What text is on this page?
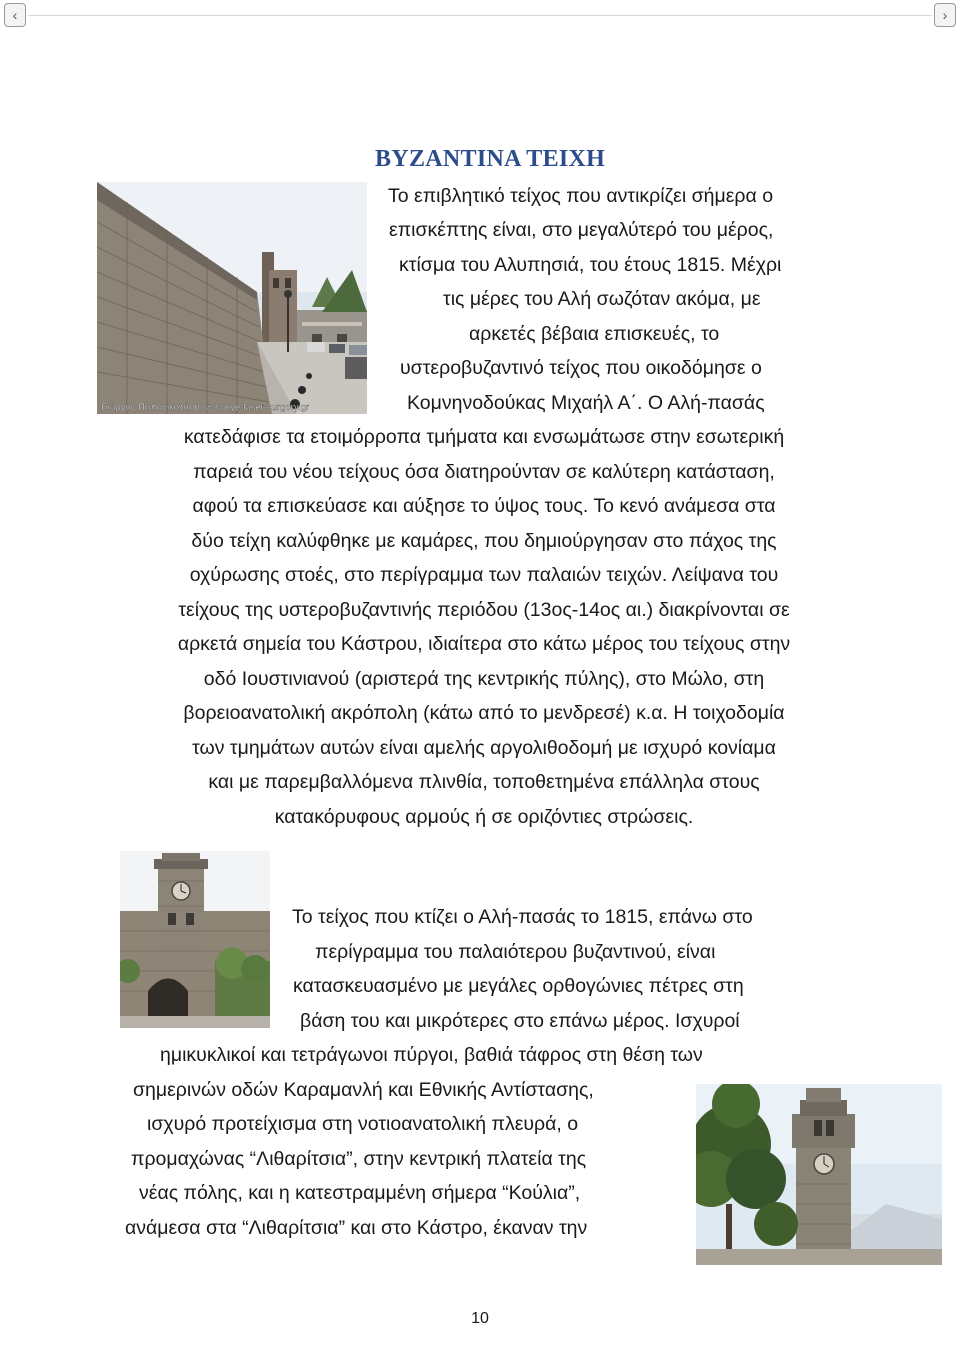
‹	›
ΒΥΖΑΝΤΙΝΑ ΤΕΙΧΗ
Γιώργος Παπανικολάου www.eye-laser-surgery.gr
Το επιβλητικό τείχος που αντικρίζει σήμερα ο
επισκέπτης είναι, στο μεγαλύτερό του μέρος,
κτίσμα του Αλυπησιά, του έτους 1815. Μέχρι
τις μέρες του Αλή σωζόταν ακόμα, με
αρκετές βέβαια επισκευές, το
υστεροβυζαντινό τείχος που οικοδόμησε ο
Κομνηνοδούκας Μιχαήλ Α΄. Ο Αλή-πασάς
κατεδάφισε τα ετοιμόρροπα τμήματα και ενσωμάτωσε στην εσωτερική
παρειά του νέου τείχους όσα διατηρούνταν σε καλύτερη κατάσταση,
αφού τα επισκεύασε και αύξησε το ύψος τους. Το κενό ανάμεσα στα
δύο τείχη καλύφθηκε με καμάρες, που δημιούργησαν στο πάχος της
οχύρωσης στοές, στο περίγραμμα των παλαιών τειχών. Λείψανα του
τείχους της υστεροβυζαντινής περιόδου (13ος-14ος αι.) διακρίνονται σε
αρκετά σημεία του Κάστρου, ιδιαίτερα στο κάτω μέρος του τείχους στην
οδό Ιουστινιανού (αριστερά της κεντρικής πύλης), στο Μώλο, στη
βορειοανατολική ακρόπολη (κάτω από το μενδρεσέ) κ.α. Η τοιχοδομία
των τμημάτων αυτών είναι αμελής αργολιθοδομή με ισχυρό κονίαμα
και με παρεμβαλλόμενα πλινθία, τοποθετημένα επάλληλα στους
κατακόρυφους αρμούς ή σε οριζόντιες στρώσεις.
Το τείχος που κτίζει ο Αλή-πασάς το 1815, επάνω στο
περίγραμμα του παλαιότερου βυζαντινού, είναι
κατασκευασμένο με μεγάλες ορθογώνιες πέτρες στη
βάση του και μικρότερες στο επάνω μέρος. Ισχυροί
ημικυκλικοί και τετράγωνοι πύργοι, βαθιά τάφρος στη θέση των
σημερινών οδών Καραμανλή και Εθνικής Αντίστασης,
ισχυρό προτείχισμα στη νοτιοανατολική πλευρά, ο
προμαχώνας “Λιθαρίτσια”, στην κεντρική πλατεία της
νέας πόλης, και η κατεστραμμένη σήμερα “Κούλια”,
ανάμεσα στα “Λιθαρίτσια” και στο Κάστρο, έκαναν την
10
